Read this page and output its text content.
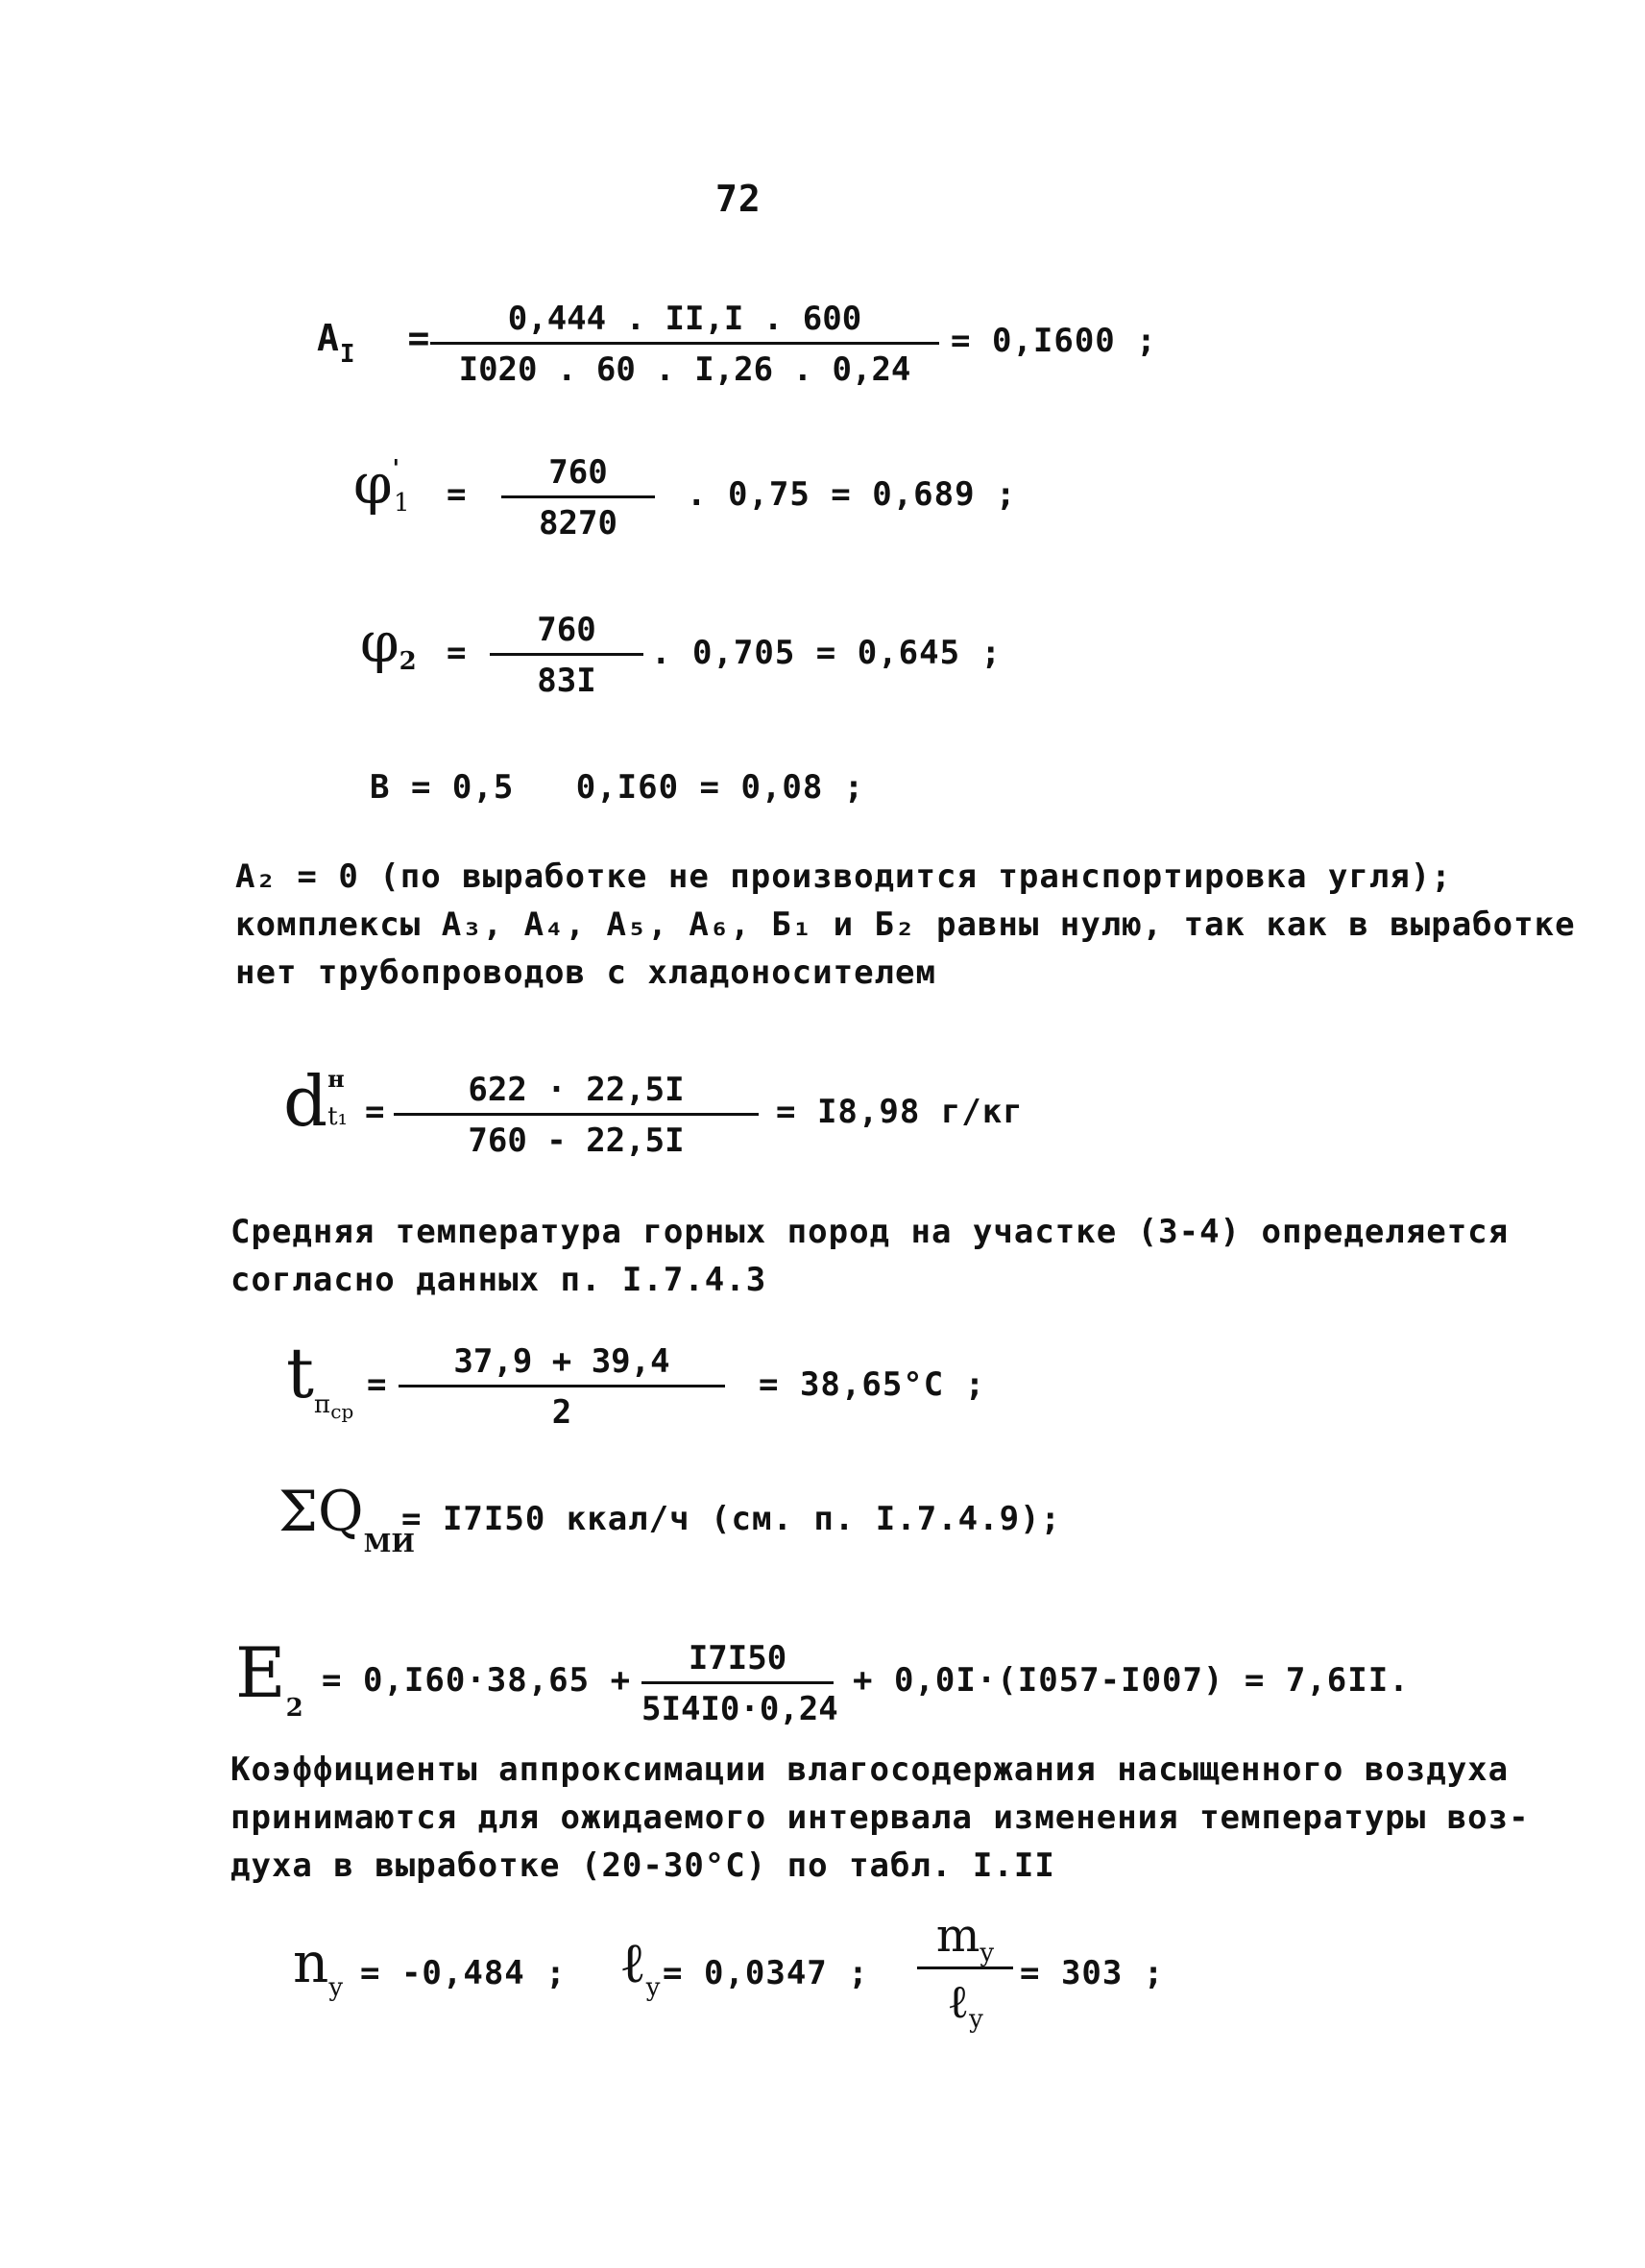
72
$A_I$ =	0,444 . II,I . 600
I020 . 60 . I,26 . 0,24
= 0,I600 ;
φ'1 =
760
8270
. 0,75 = 0,689 ;
φ2 =
760
83I
. 0,705 = 0,645 ;
B = 0,5   0,I60 = 0,08 ;
A₂ = 0 (по выработке не производится транспортировка угля);
комплексы A₃, A₄, A₅, A₆, Б₁ и Б₂ равны нулю, так как в выработке
нет трубопроводов с хладоносителем
d н
t₁ =
622 · 22,5I
760 - 22,5I
= I8,98 г/кг
Средняя температура горных пород на участке (3-4) определяется
согласно данных п. I.7.4.3
$tп_{ср}$
=
37,9 + 39,4
2
= 38,65°C ;
ΣQМИ
= I7I50 ккал/ч (см. п. I.7.4.9);
E2
= 0,I60·38,65 +
I7I50
5I4I0·0,24
+ 0,0I·(I057-I007) = 7,6II.
Коэффициенты аппроксимации влагосодержания насыщенного воздуха
принимаются для ожидаемого интервала изменения температуры воз-
духа в выработке (20-30°C) по табл. I.II
ny = -0,484 ; ℓy = 0,0347 ;
$m_y$
ℓ$_y$
= 303 ;
